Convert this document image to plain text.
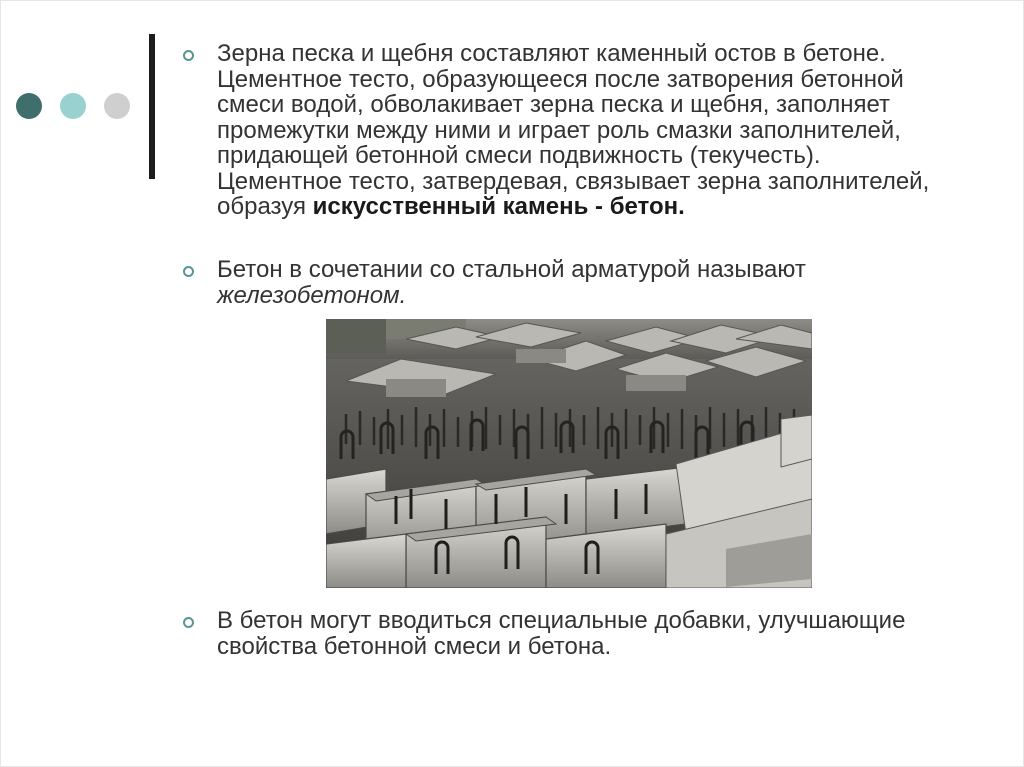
Зерна песка и щебня составляют каменный остов в бетоне. Цементное тесто, образующееся после затворения бетонной смеси водой, обволакивает зерна песка и щебня, заполняет промежутки между ними и играет роль смазки заполнителей, придающей бетонной смеси подвижность (текучесть). Цементное тесто, затвердевая, связывает зерна заполнителей, образуя искусственный камень - бетон.
Бетон в сочетании со стальной арматурой называют железобетоном.
В бетон могут вводиться специальные добавки, улучшающие свойства бетонной смеси и бетона.
